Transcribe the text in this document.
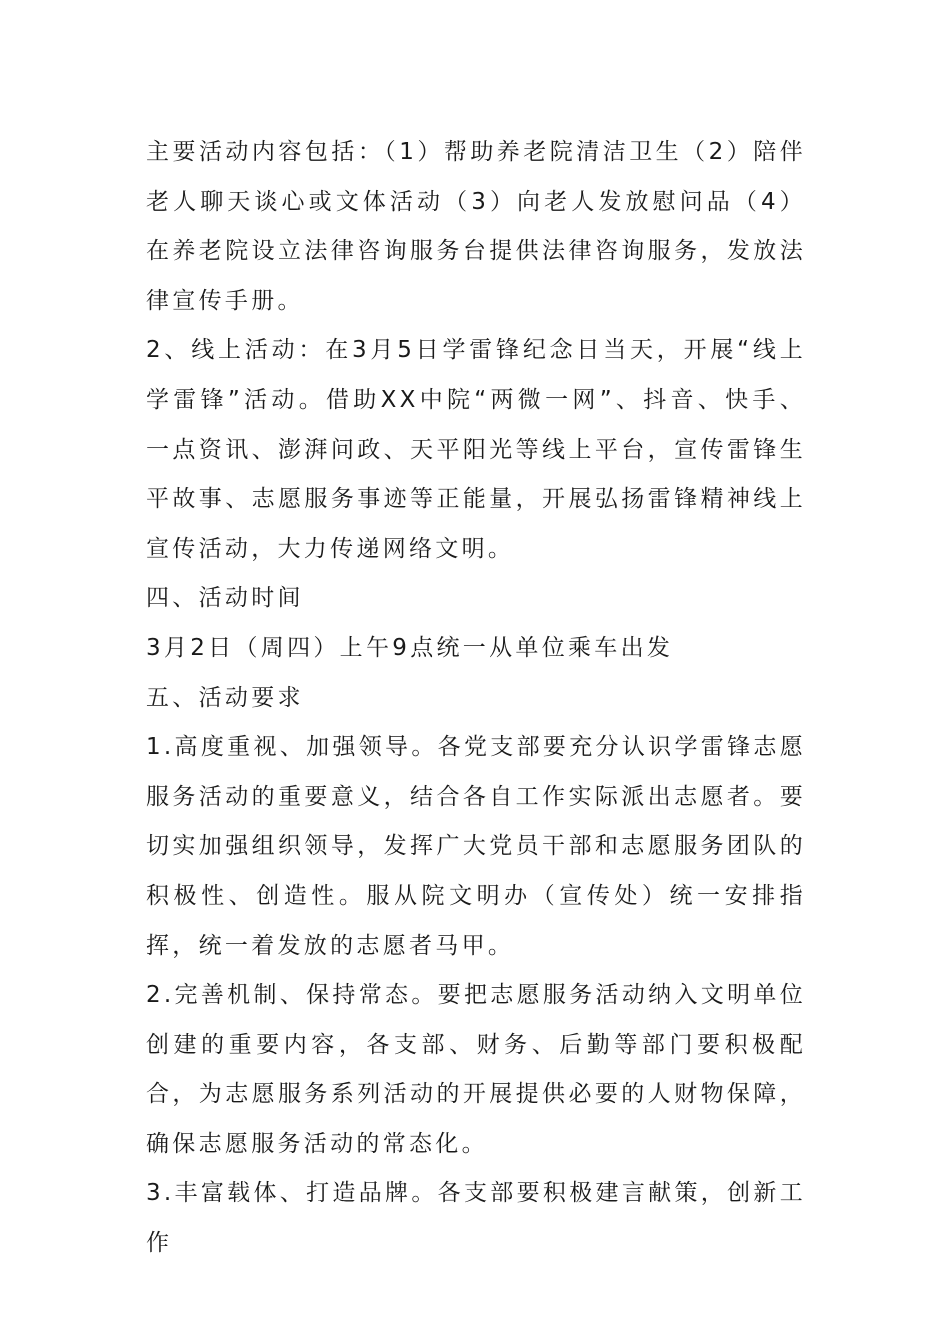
主要活动内容包括：（1）帮助养老院清洁卫生（2）陪伴老人聊天谈心或文体活动（3）向老人发放慰问品（4）在养老院设立法律咨询服务台提供法律咨询服务，发放法律宣传手册。

2、线上活动：在3月5日学雷锋纪念日当天，开展“线上学雷锋”活动。借助XX中院“两微一网”、抖音、快手、一点资讯、澎湃问政、天平阳光等线上平台，宣传雷锋生平故事、志愿服务事迹等正能量，开展弘扬雷锋精神线上宣传活动，大力传递网络文明。

四、活动时间

3月2日（周四）上午9点统一从单位乘车出发

五、活动要求

1.高度重视、加强领导。各党支部要充分认识学雷锋志愿服务活动的重要意义，结合各自工作实际派出志愿者。要切实加强组织领导，发挥广大党员干部和志愿服务团队的积极性、创造性。服从院文明办（宣传处）统一安排指挥，统一着发放的志愿者马甲。

2.完善机制、保持常态。要把志愿服务活动纳入文明单位创建的重要内容，各支部、财务、后勤等部门要积极配合，为志愿服务系列活动的开展提供必要的人财物保障，确保志愿服务活动的常态化。

3.丰富载体、打造品牌。各支部要积极建言献策，创新工作
